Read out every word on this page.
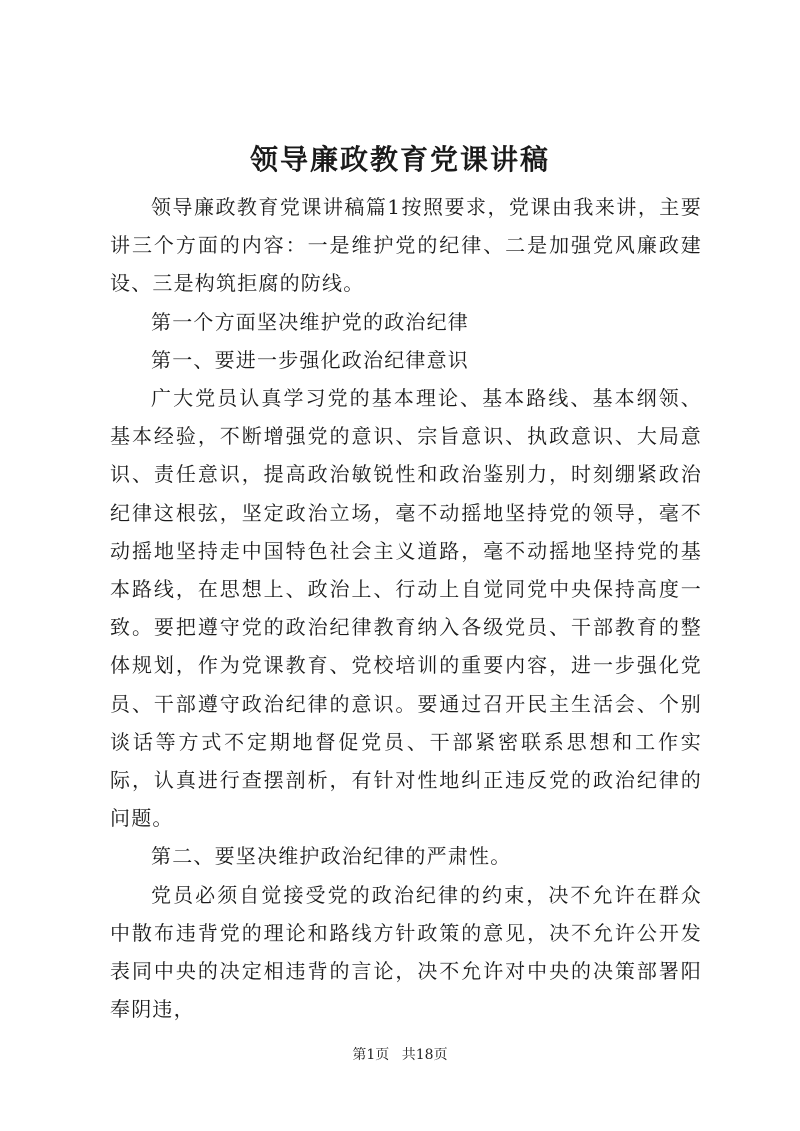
领导廉政教育党课讲稿

领导廉政教育党课讲稿篇1按照要求，党课由我来讲，主要讲三个方面的内容：一是维护党的纪律、二是加强党风廉政建设、三是构筑拒腐的防线。

第一个方面坚决维护党的政治纪律

第一、要进一步强化政治纪律意识

广大党员认真学习党的基本理论、基本路线、基本纲领、基本经验，不断增强党的意识、宗旨意识、执政意识、大局意识、责任意识，提高政治敏锐性和政治鉴别力，时刻绷紧政治纪律这根弦，坚定政治立场，毫不动摇地坚持党的领导，毫不动摇地坚持走中国特色社会主义道路，毫不动摇地坚持党的基本路线，在思想上、政治上、行动上自觉同党中央保持高度一致。要把遵守党的政治纪律教育纳入各级党员、干部教育的整体规划，作为党课教育、党校培训的重要内容，进一步强化党员、干部遵守政治纪律的意识。要通过召开民主生活会、个别谈话等方式不定期地督促党员、干部紧密联系思想和工作实际，认真进行查摆剖析，有针对性地纠正违反党的政治纪律的问题。

第二、要坚决维护政治纪律的严肃性。

党员必须自觉接受党的政治纪律的约束，决不允许在群众中散布违背党的理论和路线方针政策的意见，决不允许公开发表同中央的决定相违背的言论，决不允许对中央的决策部署阳奉阴违，

第1页 共18页
